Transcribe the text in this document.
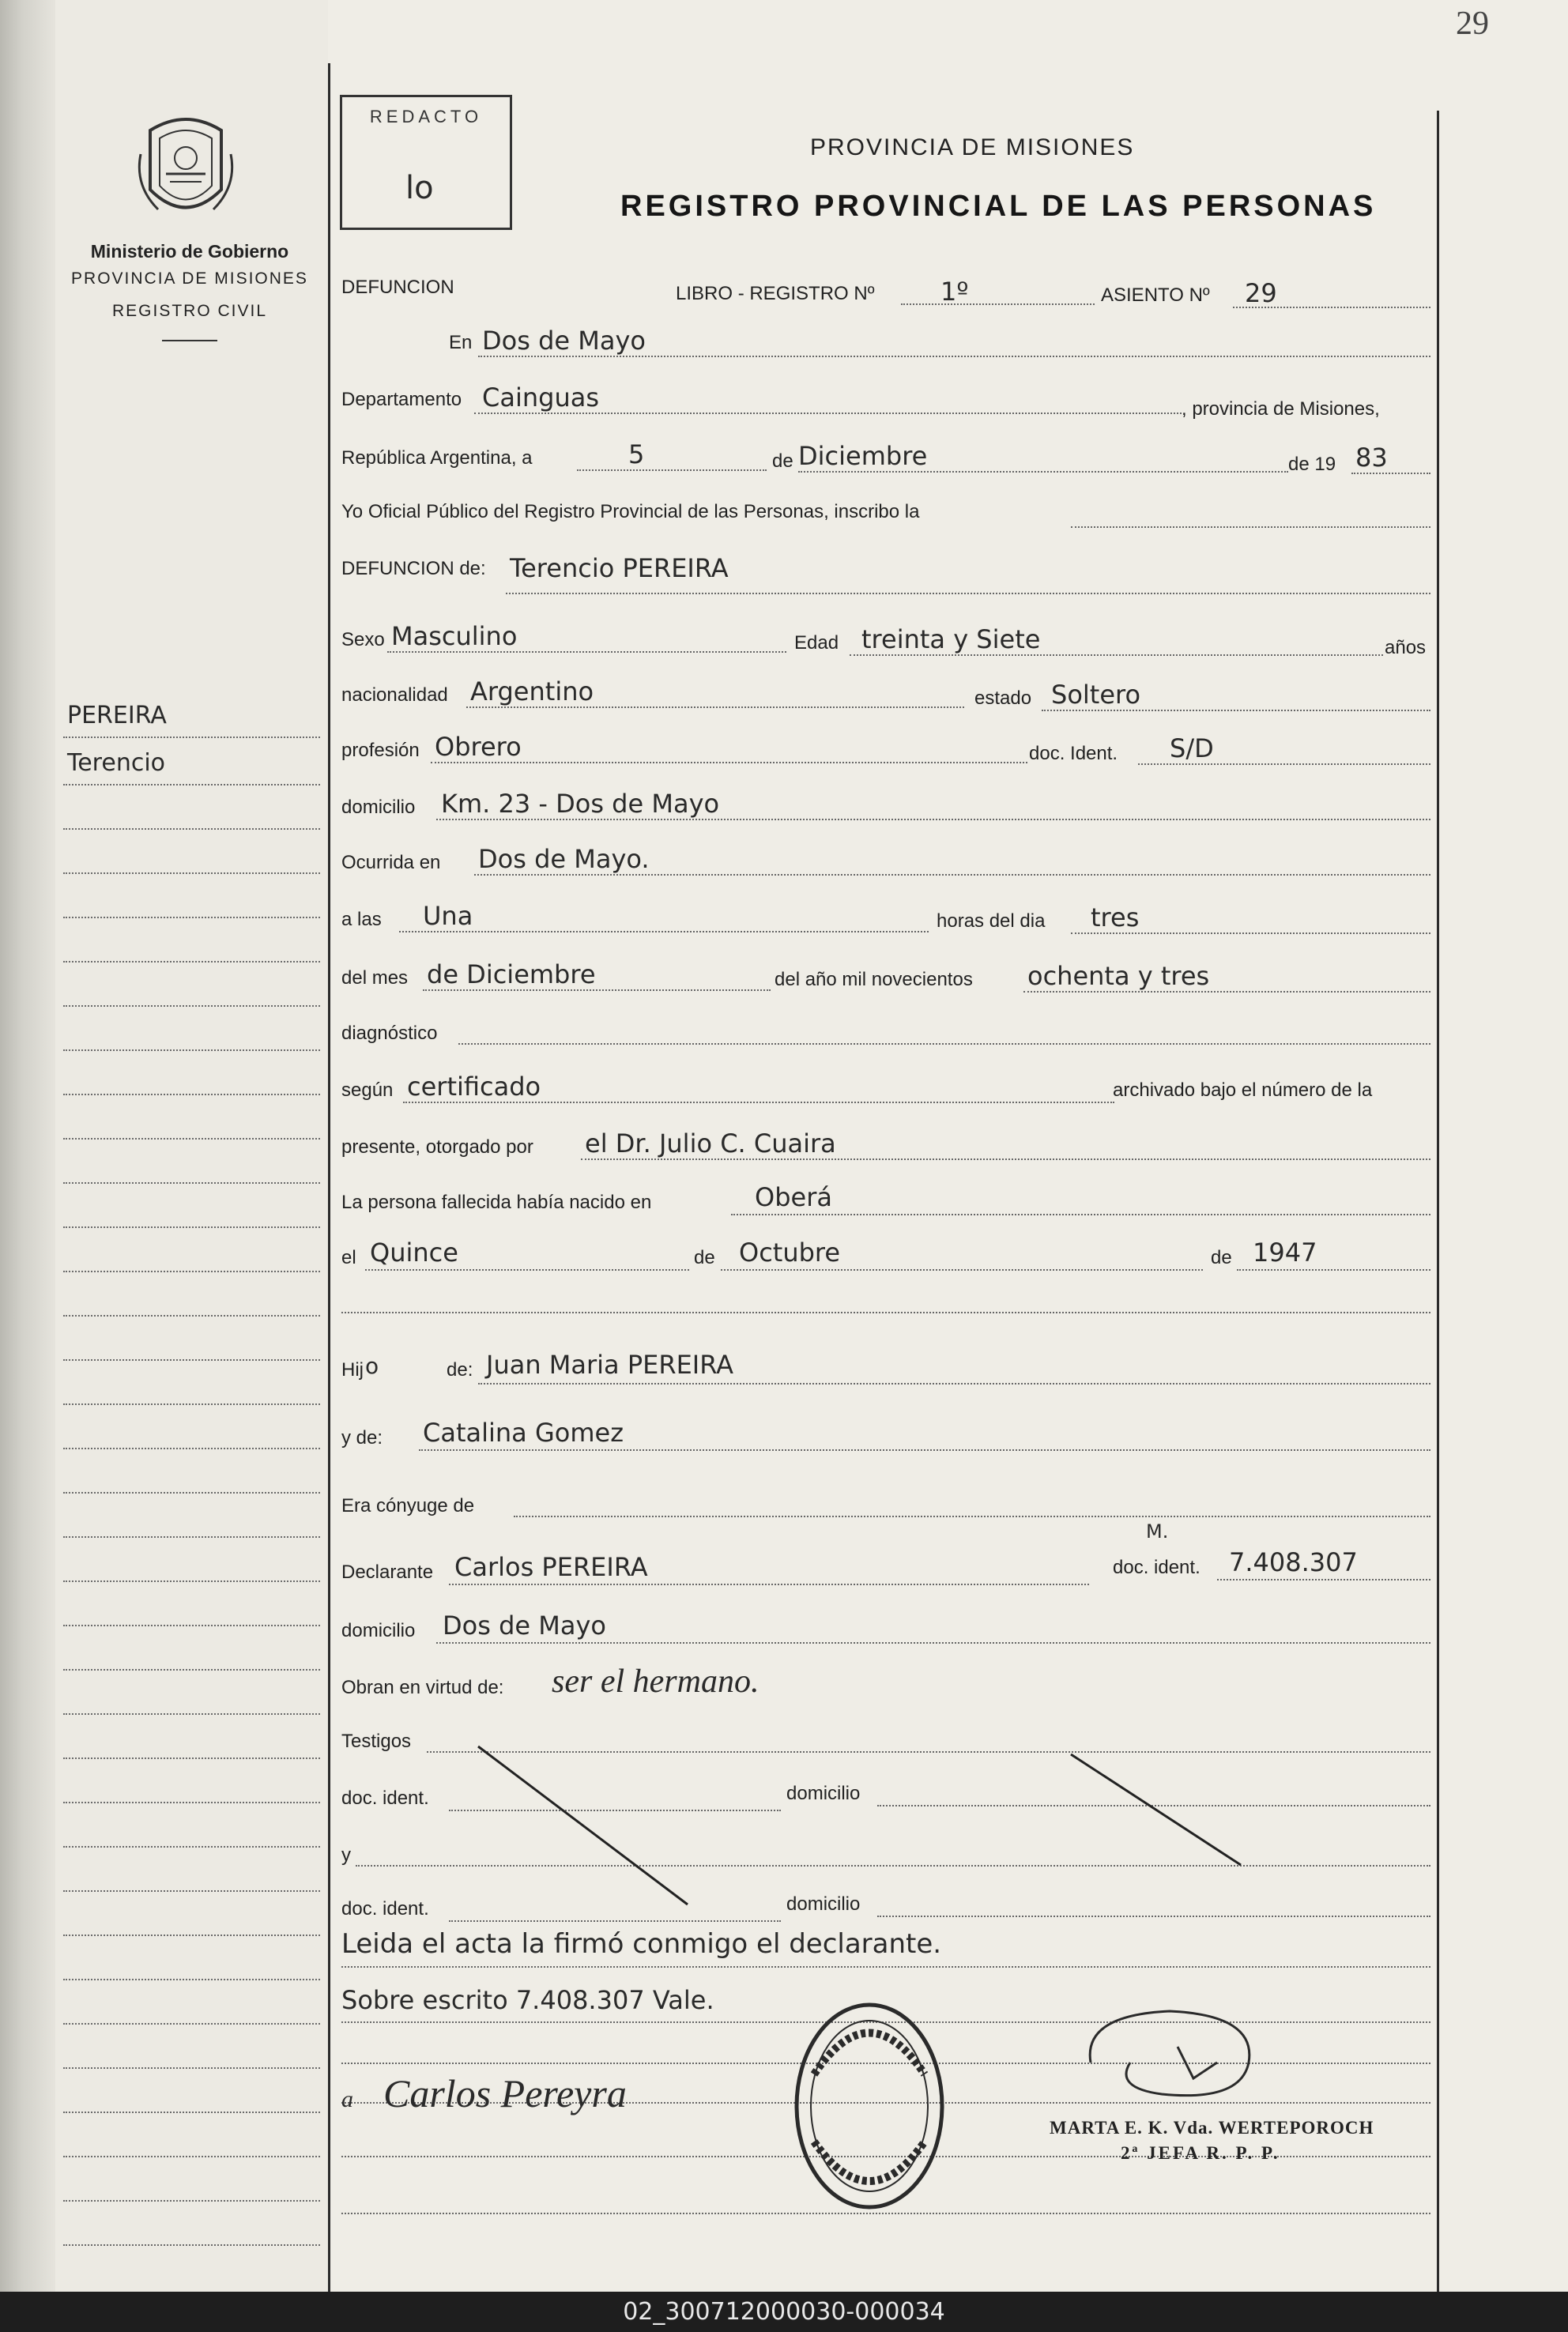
29
Ministerio de Gobierno
PROVINCIA DE MISIONES
REGISTRO CIVIL
REDACTO
lo
PROVINCIA DE MISIONES
REGISTRO PROVINCIAL DE LAS PERSONAS
DEFUNCION	LIBRO - REGISTRO Nº	1º	ASIENTO Nº 29
En Dos de Mayo
Departamento Cainguas	, provincia de Misiones,
República Argentina, a	5	de Diciembre	de 19 83
Yo Oficial Público del Registro Provincial de las Personas, inscribo la
DEFUNCION de: Terencio PEREIRA
Sexo Masculino	Edad treinta y Siete	años
nacionalidad Argentino	estado Soltero
profesión Obrero	doc. Ident. S/D
domicilio Km. 23 - Dos de Mayo
Ocurrida en Dos de Mayo.
a las Una	horas del dia tres
del mes de Diciembre	del año mil novecientos ochenta y tres
diagnóstico
según certificado	archivado bajo el número de la
presente, otorgado por el Dr. Julio C. Cuaira
La persona fallecida había nacido en	Oberá
el Quince	de Octubre	de 1947
Hij o	de: Juan Maria PEREIRA
y de: Catalina Gomez
Era cónyuge de
Declarante Carlos PEREIRA	doc. ident. 7.408.307
M.
domicilio Dos de Mayo
Obran en virtud de: ser el hermano.
Testigos
doc. ident.	domicilio
y
doc. ident.	domicilio
Leida el acta la firmó conmigo el declarante.
Sobre escrito 7.408.307 Vale.
a Carlos Pereyra
MARTA E. K. Vda. WERTEPOROCH
2ª JEFA R. P. P.
PEREIRA
Terencio
02_300712000030-000034
